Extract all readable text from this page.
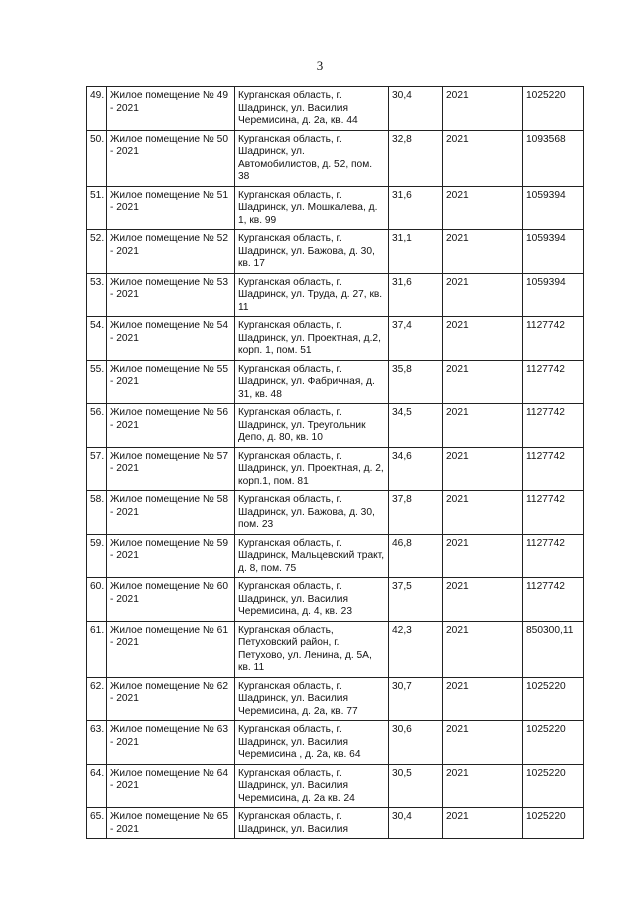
3
49.	Жилое помещение № 49 - 2021	Курганская область, г. Шадринск, ул. Василия Черемисина, д. 2а, кв. 44	30,4	2021	1025220
50.	Жилое помещение № 50 - 2021	Курганская область, г. Шадринск, ул. Автомобилистов, д. 52, пом. 38	32,8	2021	1093568
51.	Жилое помещение № 51 - 2021	Курганская область, г. Шадринск, ул. Мошкалева, д. 1, кв. 99	31,6	2021	1059394
52.	Жилое помещение № 52 - 2021	Курганская область, г. Шадринск, ул. Бажова, д. 30, кв. 17	31,1	2021	1059394
53.	Жилое помещение № 53 - 2021	Курганская область, г. Шадринск, ул. Труда, д. 27, кв. 11	31,6	2021	1059394
54.	Жилое помещение № 54 - 2021	Курганская область, г. Шадринск, ул. Проектная, д.2, корп. 1, пом. 51	37,4	2021	1127742
55.	Жилое помещение № 55 - 2021	Курганская область, г. Шадринск, ул. Фабричная, д. 31, кв. 48	35,8	2021	1127742
56.	Жилое помещение № 56 - 2021	Курганская область, г. Шадринск, ул. Треугольник Депо, д. 80, кв. 10	34,5	2021	1127742
57.	Жилое помещение № 57 - 2021	Курганская область, г. Шадринск, ул. Проектная, д. 2, корп.1, пом. 81	34,6	2021	1127742
58.	Жилое помещение № 58 - 2021	Курганская область, г. Шадринск, ул. Бажова, д. 30, пом. 23	37,8	2021	1127742
59.	Жилое помещение № 59 - 2021	Курганская область, г. Шадринск, Мальцевский тракт, д. 8, пом. 75	46,8	2021	1127742
60.	Жилое помещение № 60 - 2021	Курганская область, г. Шадринск, ул. Василия Черемисина, д. 4, кв. 23	37,5	2021	1127742
61.	Жилое помещение № 61 - 2021	Курганская область, Петуховский район, г. Петухово, ул. Ленина, д. 5А, кв. 11	42,3	2021	850300,11
62.	Жилое помещение № 62 - 2021	Курганская область, г. Шадринск, ул. Василия Черемисина, д. 2а, кв. 77	30,7	2021	1025220
63.	Жилое помещение № 63 - 2021	Курганская область, г. Шадринск, ул. Василия Черемисина , д. 2а, кв. 64	30,6	2021	1025220
64.	Жилое помещение № 64 - 2021	Курганская область, г. Шадринск, ул. Василия Черемисина, д. 2а кв. 24	30,5	2021	1025220
65.	Жилое помещение № 65 - 2021	Курганская область, г. Шадринск, ул. Василия	30,4	2021	1025220
